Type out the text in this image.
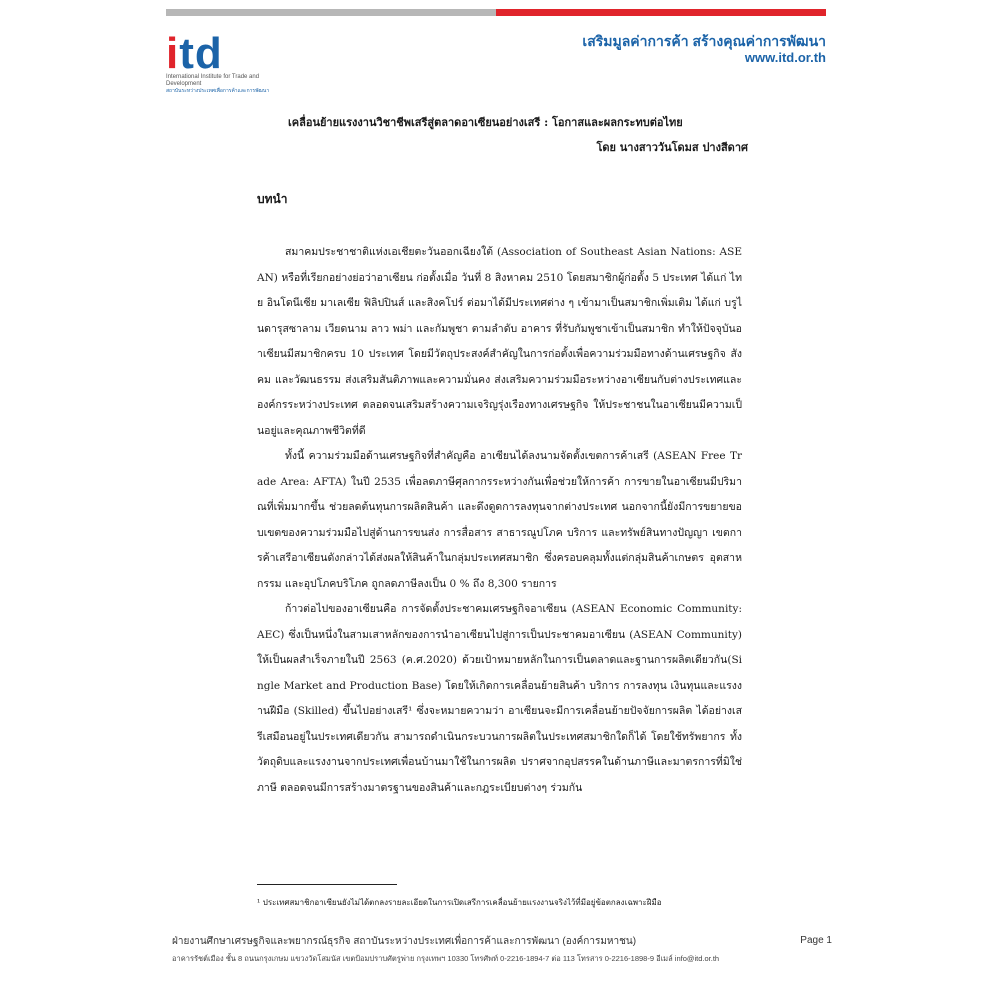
itd
International Institute for Trade and Development
สถาบันระหว่างประเทศเพื่อการค้าและการพัฒนา
เสริมมูลค่าการค้า สร้างคุณค่าการพัฒนา
www.itd.or.th
เคลื่อนย้ายแรงงานวิชาชีพเสรีสู่ตลาดอาเซียนอย่างเสรี : โอกาสและผลกระทบต่อไทย
โดย นางสาววันโดมส ปางสีดาศ
บทนำ

สมาคมประชาชาติแห่งเอเชียตะวันออกเฉียงใต้ (Association of Southeast Asian Nations: ASEAN) หรือที่เรียกอย่างย่อว่าอาเซียน ก่อตั้งเมื่อ วันที่ 8 สิงหาคม 2510 โดยสมาชิกผู้ก่อตั้ง 5 ประเทศ ได้แก่ ไทย อินโดนีเซีย มาเลเซีย ฟิลิปปินส์ และสิงคโปร์ ต่อมาได้มีประเทศต่าง ๆ เข้ามาเป็นสมาชิกเพิ่มเติม ได้แก่ บรูไนดารุสซาลาม เวียดนาม ลาว พม่า และกัมพูชา ตามลำดับ อาคาร ที่รับกัมพูชาเข้าเป็นสมาชิก ทำให้ปัจจุบันอาเซียนมีสมาชิกครบ 10 ประเทศ โดยมีวัตถุประสงค์สำคัญในการก่อตั้งเพื่อความร่วมมือทางด้านเศรษฐกิจ สังคม และวัฒนธรรม ส่งเสริมสันติภาพและความมั่นคง ส่งเสริมความร่วมมือระหว่างอาเซียนกับต่างประเทศและองค์กรระหว่างประเทศ ตลอดจนเสริมสร้างความเจริญรุ่งเรืองทางเศรษฐกิจ ให้ประชาชนในอาเซียนมีความเป็นอยู่และคุณภาพชีวิตที่ดี

ทั้งนี้ ความร่วมมือด้านเศรษฐกิจที่สำคัญคือ อาเซียนได้ลงนามจัดตั้งเขตการค้าเสรี (ASEAN Free Trade Area: AFTA) ในปี 2535 เพื่อลดภาษีศุลกากรระหว่างกันเพื่อช่วยให้การค้า การขายในอาเซียนมีปริมาณที่เพิ่มมากขึ้น ช่วยลดต้นทุนการผลิตสินค้า และดึงดูดการลงทุนจากต่างประเทศ นอกจากนี้ยังมีการขยายขอบเขตของความร่วมมือไปสู่ด้านการขนส่ง การสื่อสาร สาธารณูปโภค บริการ และทรัพย์สินทางปัญญา เขตการค้าเสรีอาเซียนดังกล่าวได้ส่งผลให้สินค้าในกลุ่มประเทศสมาชิก ซึ่งครอบคลุมทั้งแต่กลุ่มสินค้าเกษตร อุตสาหกรรม และอุปโภคบริโภค ถูกลดภาษีลงเป็น 0 % ถึง 8,300 รายการ

ก้าวต่อไปของอาเซียนคือ การจัดตั้งประชาคมเศรษฐกิจอาเซียน (ASEAN Economic Community: AEC) ซึ่งเป็นหนึ่งในสามเสาหลักของการนำอาเซียนไปสู่การเป็นประชาคมอาเซียน (ASEAN Community) ให้เป็นผลสำเร็จภายในปี 2563 (ค.ศ.2020) ด้วยเป้าหมายหลักในการเป็นตลาดและฐานการผลิตเดียวกัน(Single Market and Production Base) โดยให้เกิดการเคลื่อนย้ายสินค้า บริการ การลงทุน เงินทุนและแรงงานฝีมือ (Skilled) ขึ้นไปอย่างเสรี¹ ซึ่งจะหมายความว่า อาเซียนจะมีการเคลื่อนย้ายปัจจัยการผลิต ได้อย่างเสรีเสมือนอยู่ในประเทศเดียวกัน สามารถดำเนินกระบวนการผลิตในประเทศสมาชิกใดก็ได้ โดยใช้ทรัพยากร ทั้งวัตถุดิบและแรงงานจากประเทศเพื่อนบ้านมาใช้ในการผลิต ปราศจากอุปสรรคในด้านภาษีและมาตรการที่มิใช่ภาษี ตลอดจนมีการสร้างมาตรฐานของสินค้าและกฎระเบียบต่างๆ ร่วมกัน

¹ ประเทศสมาชิกอาเซียนยังไม่ได้ตกลงรายละเอียดในการเปิดเสรีการเคลื่อนย้ายแรงงานจริงไว้ที่มีอยู่ข้อตกลงเฉพาะฝีมือ
ฝ่ายงานศึกษาเศรษฐกิจและพยากรณ์ธุรกิจ สถาบันระหว่างประเทศเพื่อการค้าและการพัฒนา (องค์การมหาชน)	Page 1
อาคารรัชต์เมือง ชั้น 8 ถนนกรุงเกษม แขวงวัดโสมนัส เขตป้อมปราบศัตรูพ่าย กรุงเทพฯ 10330 โทรศัพท์ 0-2216-1894-7 ต่อ 113 โทรสาร 0-2216-1898-9 อีเมล์ info@itd.or.th
